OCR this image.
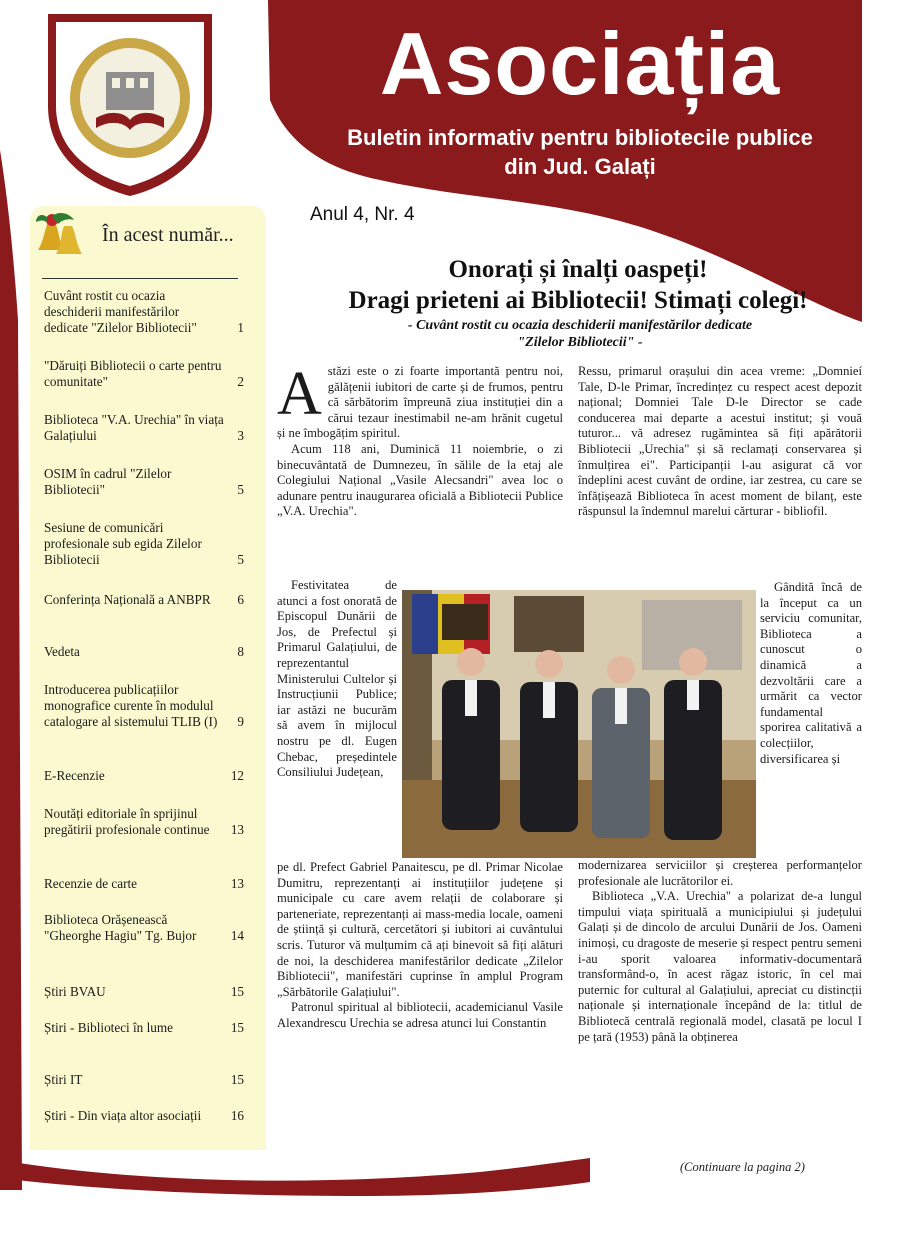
Asociația
Buletin informativ pentru bibliotecile publice
din Jud. Galați
Anul 4, Nr. 4	Decembrie 2008
În acest număr...
Cuvânt rostit cu ocazia deschiderii manifestărilor dedicate "Zilelor Bibliotecii"	1
"Dăruiți Bibliotecii o carte pentru comunitate"	2
Biblioteca "V.A. Urechia" în viața Galațiului	3
OSIM în cadrul "Zilelor Bibliotecii"	5
Sesiune de comunicări profesionale sub egida Zilelor Bibliotecii	5
Conferința Națională a ANBPR	6
Vedeta	8
Introducerea publicațiilor monografice curente în modulul catalogare al sistemului TLIB (I)	9
E-Recenzie	12
Noutăți editoriale în sprijinul pregătirii profesionale continue	13
Recenzie de carte	13
Biblioteca Orășenească "Gheorghe Hagiu" Tg. Bujor	14
Știri BVAU	15
Știri - Biblioteci în lume	15
Știri IT	15
Știri - Din viața altor asociații	16
Onorați și înalți oaspeți!
Dragi prieteni ai Bibliotecii! Stimați colegi!
- Cuvânt rostit cu ocazia deschiderii manifestărilor dedicate
"Zilelor Bibliotecii" -

Astăzi este o zi foarte importantă pentru noi, gălățenii iubitori de carte și de frumos, pentru că sărbătorim împreună ziua instituției din a cărui tezaur inestimabil ne-am hrănit cugetul și ne îmbogățim spiritul.

Acum 118 ani, Duminică 11 noiembrie, o zi binecuvântată de Dumnezeu, în sălile de la etaj ale Colegiului Național „Vasile Alecsandri" avea loc o adunare pentru inaugurarea oficială a Bibliotecii Publice „V.A. Urechia".

Festivitatea de atunci a fost onorată de Episcopul Dunării de Jos, de Prefectul și Primarul Galațiului, de reprezentantul Ministerului Cultelor și Instrucțiunii Publice; iar astăzi ne bucurăm să avem în mijlocul nostru pe dl. Eugen Chebac, președintele Consiliului Județean,

pe dl. Prefect Gabriel Panaitescu, pe dl. Primar Nicolae Dumitru, reprezentanți ai instituțiilor județene și municipale cu care avem relații de colaborare și parteneriate, reprezentanți ai mass-media locale, oameni de știință și cultură, cercetători și iubitori ai cuvântului scris. Tuturor vă mulțumim că ați binevoit să fiți alături de noi, la deschiderea manifestărilor dedicate „Zilelor Bibliotecii", manifestări cuprinse în amplul Program „Sărbătorile Galațiului".

Patronul spiritual al bibliotecii, academicianul Vasile Alexandrescu Urechia se adresa atunci lui Constantin

Ressu, primarul orașului din acea vreme: „Domnieí Tale, D-le Primar, încredințez cu respect acest depozit național; Domniei Tale D-le Director se cade conducerea mai departe a acestui institut; și vouă tuturor... vă adresez rugămintea să fiți apărătorii Bibliotecii „Urechia" și să reclamați conservarea și înmulțirea ei". Participanții l-au asigurat că vor îndeplini acest cuvânt de ordine, iar zestrea, cu care se înfățișează Biblioteca în acest moment de bilanț, este răspunsul la îndemnul marelui cărturar - bibliofil.

Gândită încă de la început ca un serviciu comunitar, Biblioteca a cunoscut o dinamică a dezvoltării care a urmărit ca vector fundamental sporirea calitativă a colecțiilor, diversificarea și

modernizarea serviciilor și creșterea performanțelor profesionale ale lucrătorilor ei.

Biblioteca „V.A. Urechia" a polarizat de-a lungul timpului viața spirituală a municipiului și județului Galați și de dincolo de arcului Dunării de Jos. Oameni inimoși, cu dragoste de meserie și respect pentru semeni i-au sporit valoarea informativ-documentară transformând-o, în acest răgaz istoric, în cel mai puternic for cultural al Galațiului, apreciat cu distincții naționale și internaționale începând de la: titlul de Bibliotecă centrală regională model, clasată pe locul I pe țară (1953) până la obținerea

(Continuare la pagina 2)
